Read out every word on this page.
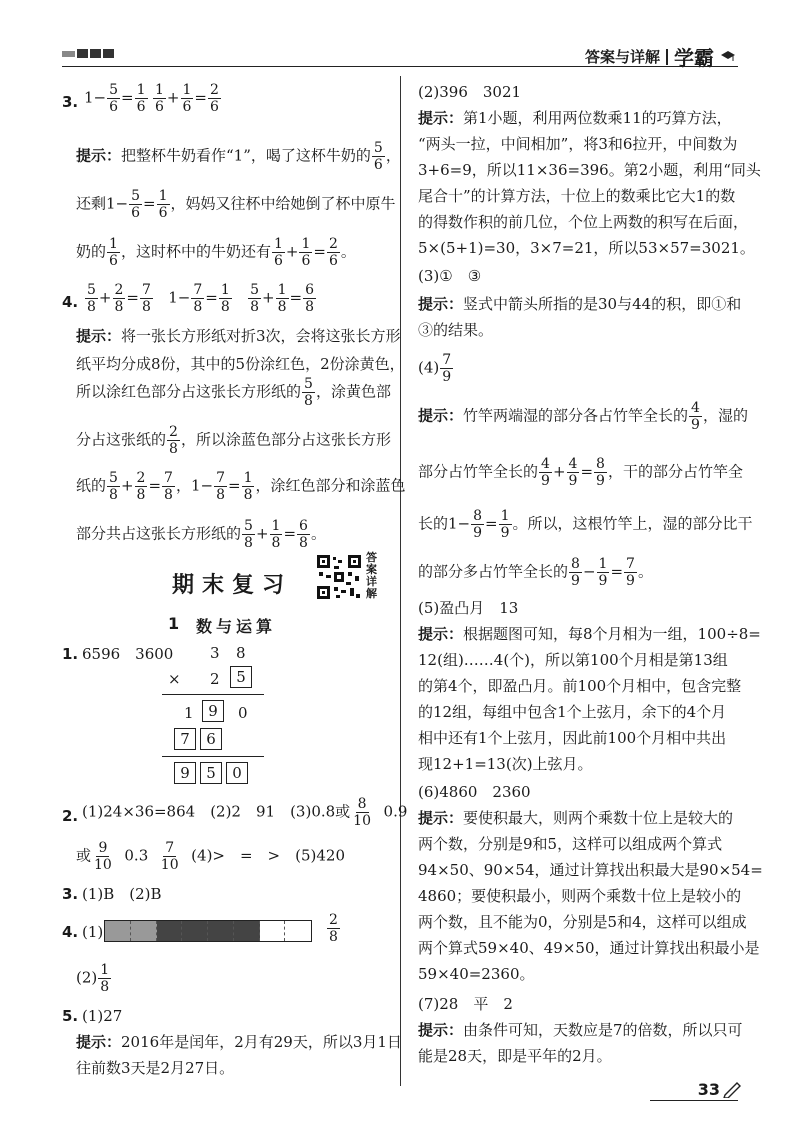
答案与详解 学霸
3. $1- \frac{5}{6} = \frac{1}{6} \frac{1}{6} + \frac{1}{6} = \frac{2}{6}$
提示：把整杯牛奶看作“1”，喝了这杯牛奶的 $\frac{5}{6}$ ，
还剩$1- \frac{5}{6} = \frac{1}{6}$ ，妈妈又往杯中给她倒了杯中原牛
奶的 $\frac{1}{6}$ ，这时杯中的牛奶还有 $\frac{1}{6} + \frac{1}{6} = \frac{2}{6}$ 。
4. $\frac{5}{8} + \frac{2}{8} = \frac{7}{8} 1- \frac{7}{8} = \frac{1}{8}$
$\frac{5}{8} + \frac{1}{8} = \frac{6}{8}$
提示：将一张长方形纸对折3次，会将这张长方形
纸平均分成8份，其中的5份涂红色，2份涂黄色，
所以涂红色部分占这张长方形纸的 $\frac{5}{8}$ ，涂黄色部
分占这张纸的 $\frac{2}{8}$ ，所以涂蓝色部分占这张长方形
纸的 $\frac{5}{8} + \frac{2}{8} = \frac{7}{8}$ ，$1- \frac{7}{8} = \frac{1}{8}$ ，涂红色部分和涂蓝色
部分共占这张长方形纸的 $\frac{5}{8} + \frac{1}{8} = \frac{6}{8}$ 。
期末复习
答案详解
1 数与运算
1. 6596　3600 3 8
× 2	5
1 9	0
7	6
9	5	0
2. (1)24×36=864　(2)2　91　(3)0.8或 $\frac{8}{10} 0.9$
或 $\frac{9}{10} 0.3 \frac{7}{10} (4)>$　=　>　(5)420
3. (1)B　(2)B
4. (1)	$\frac{2}{8}$
$(2) \frac{1}{8}$
5. (1)27
提示：2016年是闰年，2月有29天，所以3月1日
往前数3天是2月27日。
(2)396　3021
提示：第1小题，利用两位数乘11的巧算方法，
“两头一拉，中间相加”，将3和6拉开，中间数为
3+6=9，所以11×36=396。第2小题，利用“同头
尾合十”的计算方法，十位上的数乘比它大1的数
的得数作积的前几位，个位上两数的积写在后面，
5×(5+1)=30，3×7=21，所以53×57=3021。
(3)①　③
提示：竖式中箭头所指的是30与44的积，即①和
③的结果。
$(4) \frac{7}{9}$
提示：竹竿两端湿的部分各占竹竿全长的 $\frac{4}{9}$ ，湿的
部分占竹竿全长的 $\frac{4}{9} + \frac{4}{9} = \frac{8}{9}$ ，干的部分占竹竿全
长的$1- \frac{8}{9} = \frac{1}{9}$ 。所以，这根竹竿上，湿的部分比干
的部分多占竹竿全长的 $\frac{8}{9} - \frac{1}{9} = \frac{7}{9}$ 。
(5)盈凸月　13
提示：根据题图可知，每8个月相为一组，100÷8=
12(组)……4(个)，所以第100个月相是第13组
的第4个，即盈凸月。前100个月相中，包含完整
的12组，每组中包含1个上弦月，余下的4个月
相中还有1个上弦月，因此前100个月相中共出
现12+1=13(次)上弦月。
(6)4860　2360
提示：要使积最大，则两个乘数十位上是较大的
两个数，分别是9和5，这样可以组成两个算式
94×50、90×54，通过计算找出积最大是90×54=
4860；要使积最小，则两个乘数十位上是较小的
两个数，且不能为0，分别是5和4，这样可以组成
两个算式59×40、49×50，通过计算找出积最小是
59×40=2360。
(7)28　平　2
提示：由条件可知，天数应是7的倍数，所以只可
能是28天，即是平年的2月。
33
